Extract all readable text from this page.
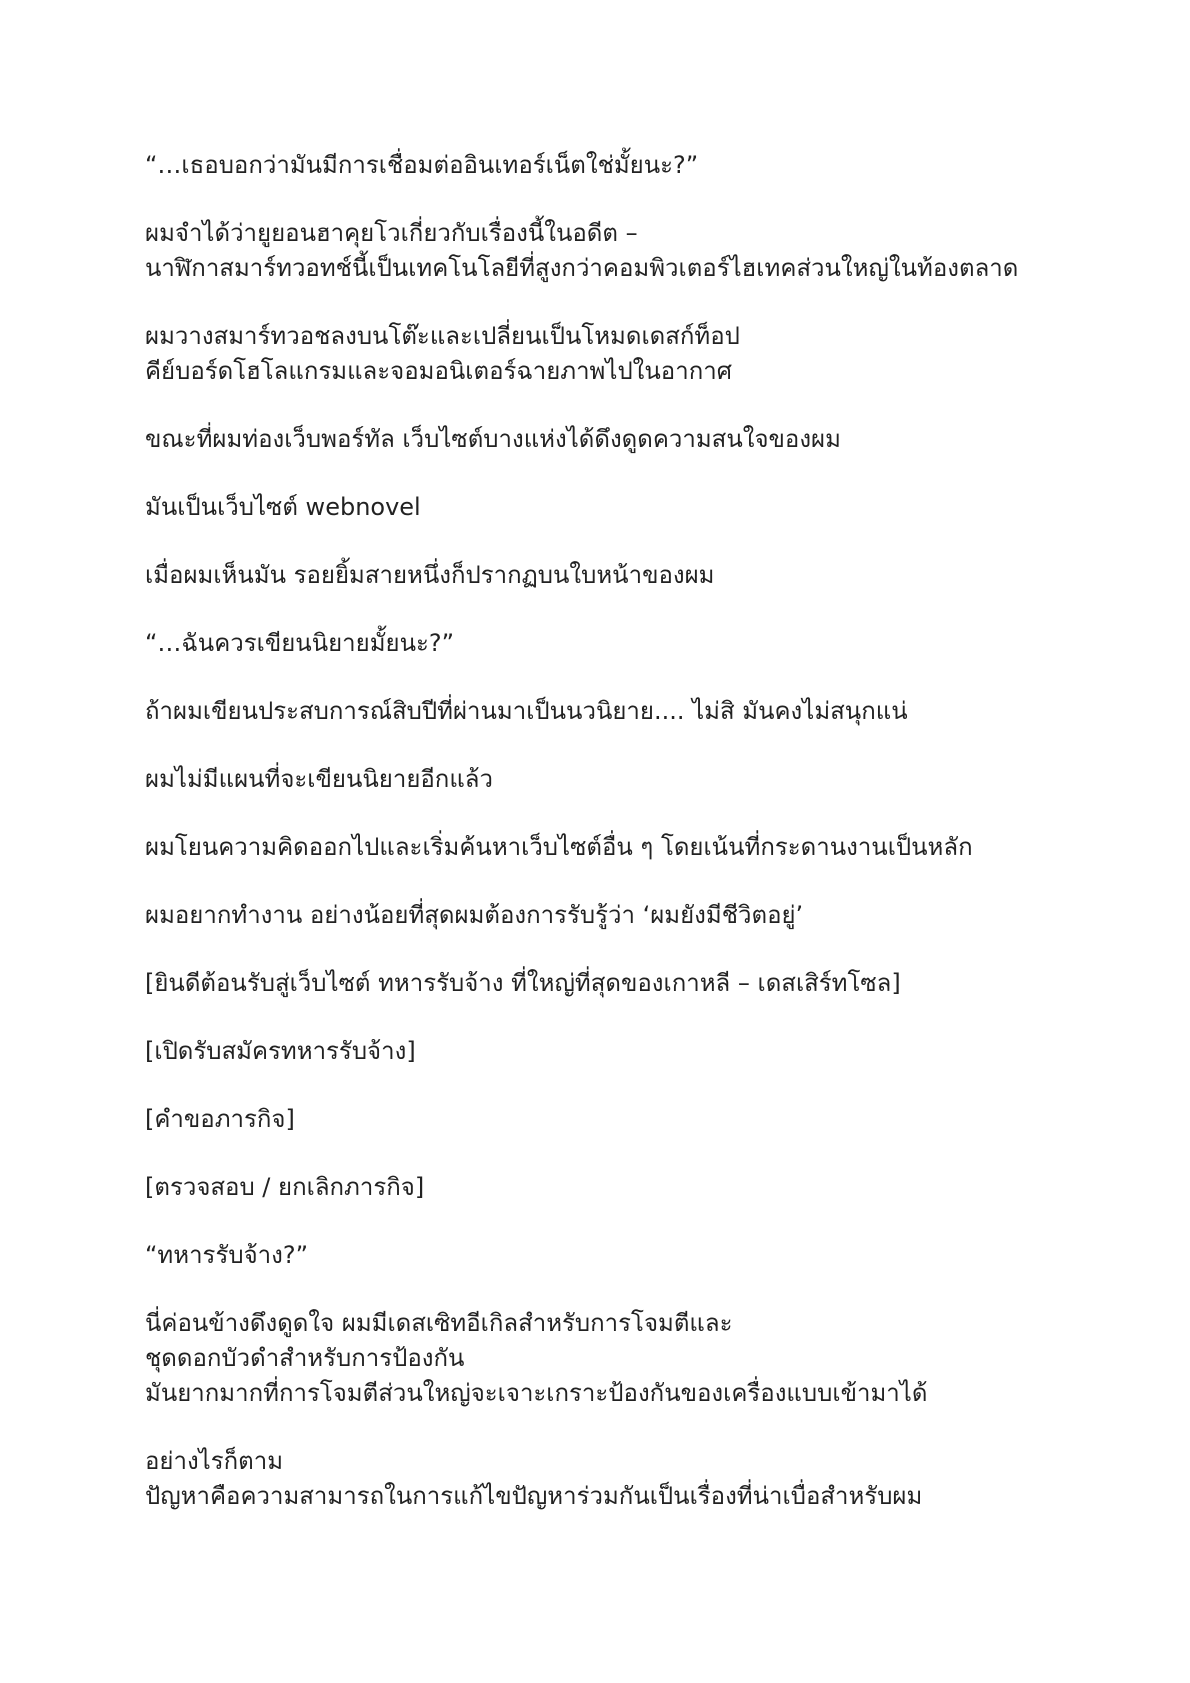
“…เธอบอกว่ามันมีการเชื่อมต่ออินเทอร์เน็ตใช่มั้ยนะ?”

ผมจำได้ว่ายูยอนฮาคุยโวเกี่ยวกับเรื่องนี้ในอดีต –
นาฬิกาสมาร์ทวอทช์นี้เป็นเทคโนโลยีที่สูงกว่าคอมพิวเตอร์ไฮเทคส่วนใหญ่ในท้องตลาด

ผมวางสมาร์ทวอชลงบนโต๊ะและเปลี่ยนเป็นโหมดเดสก์ท็อป
คีย์บอร์ดโฮโลแกรมและจอมอนิเตอร์ฉายภาพไปในอากาศ

ขณะที่ผมท่องเว็บพอร์ทัล เว็บไซต์บางแห่งได้ดึงดูดความสนใจของผม

มันเป็นเว็บไซต์ webnovel

เมื่อผมเห็นมัน รอยยิ้มสายหนึ่งก็ปรากฏบนใบหน้าของผม

“…ฉันควรเขียนนิยายมั้ยนะ?”

ถ้าผมเขียนประสบการณ์สิบปีที่ผ่านมาเป็นนวนิยาย.... ไม่สิ มันคงไม่สนุกแน่

ผมไม่มีแผนที่จะเขียนนิยายอีกแล้ว

ผมโยนความคิดออกไปและเริ่มค้นหาเว็บไซต์อื่น ๆ โดยเน้นที่กระดานงานเป็นหลัก

ผมอยากทำงาน อย่างน้อยที่สุดผมต้องการรับรู้ว่า ‘ผมยังมีชีวิตอยู่’

[ยินดีต้อนรับสู่เว็บไซต์ ทหารรับจ้าง ที่ใหญ่ที่สุดของเกาหลี – เดสเสิร์ทโซล]

[เปิดรับสมัครทหารรับจ้าง]

[คำขอภารกิจ]

[ตรวจสอบ / ยกเลิกภารกิจ]

“ทหารรับจ้าง?”

นี่ค่อนข้างดึงดูดใจ ผมมีเดสเซิทอีเกิลสำหรับการโจมตีและ
ชุดดอกบัวดำสำหรับการป้องกัน
มันยากมากที่การโจมตีส่วนใหญ่จะเจาะเกราะป้องกันของเครื่องแบบเข้ามาได้

อย่างไรก็ตาม
ปัญหาคือความสามารถในการแก้ไขปัญหาร่วมกันเป็นเรื่องที่น่าเบื่อสำหรับผม
